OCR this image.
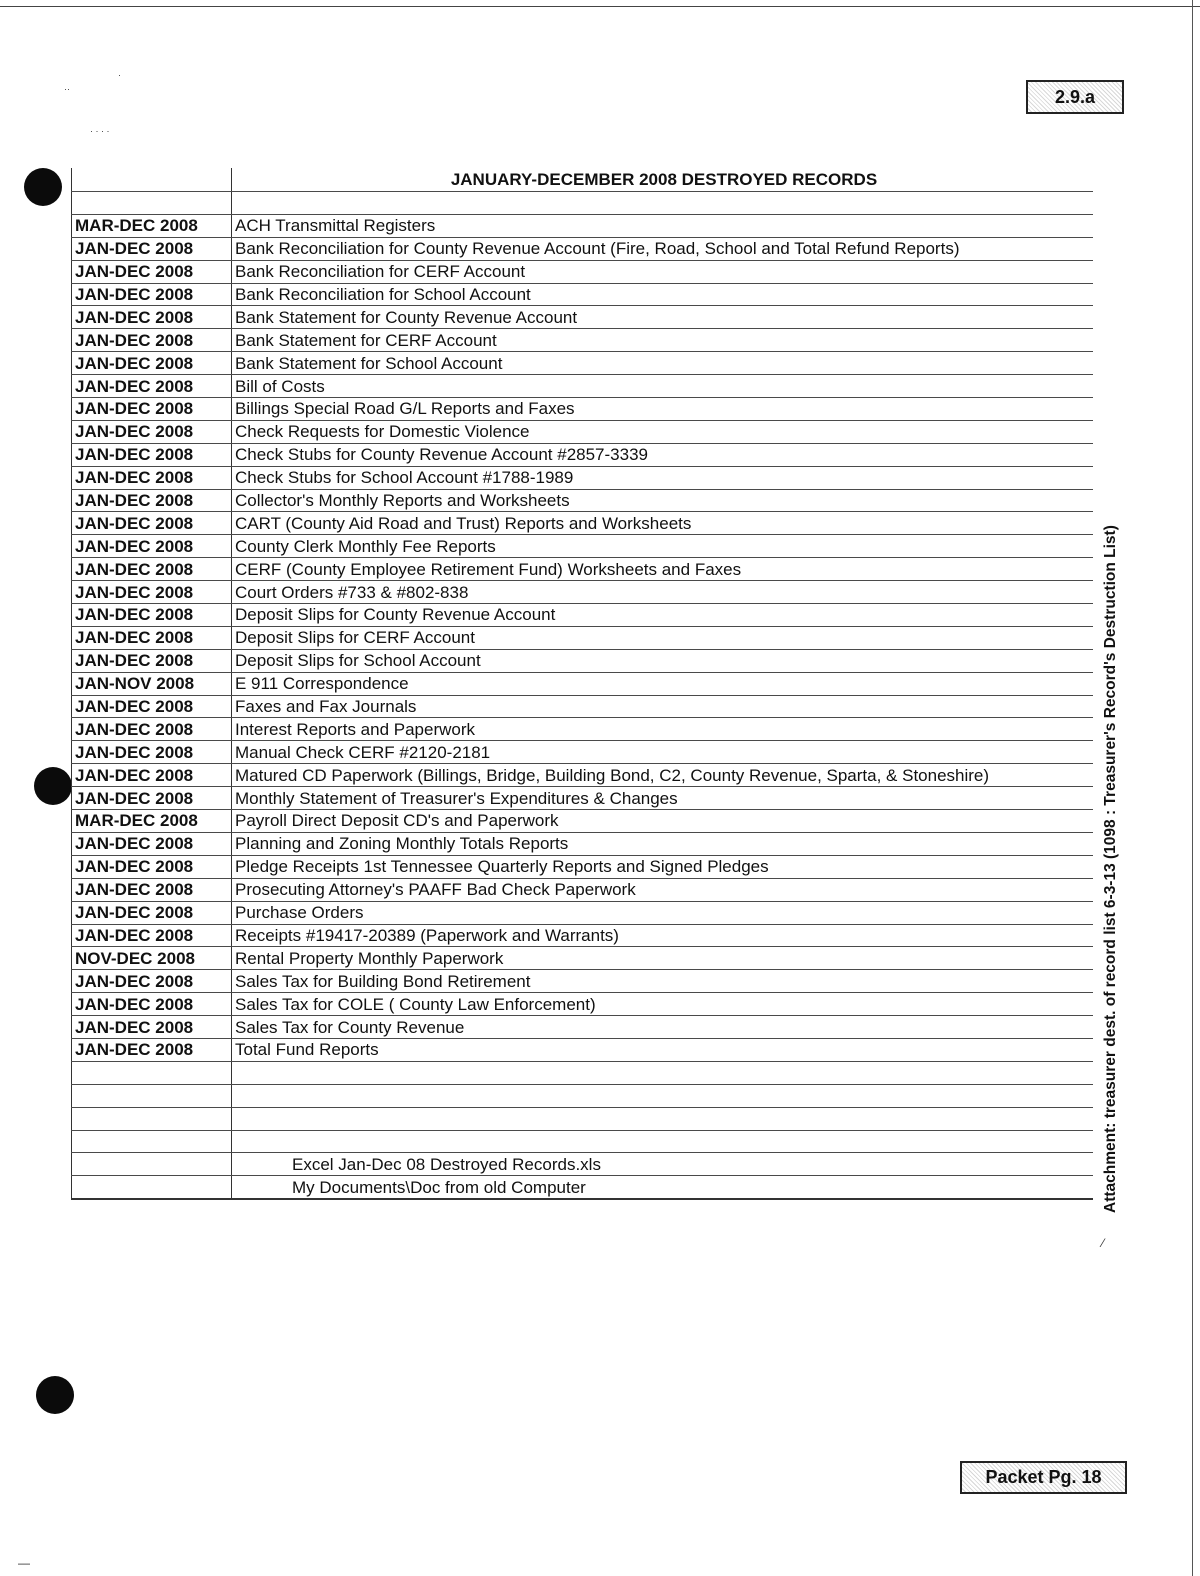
··
·
· · · ·
2.9.a
Attachment: treasurer dest. of record list 6-3-13 (1098 : Treasurer's Record's Destruction List)
	JANUARY-DECEMBER 2008 DESTROYED RECORDS

MAR-DEC 2008	ACH Transmittal Registers
JAN-DEC 2008	Bank Reconciliation for County Revenue Account (Fire, Road, School and Total Refund Reports)
JAN-DEC 2008	Bank Reconciliation for CERF Account
JAN-DEC 2008	Bank Reconciliation for School Account
JAN-DEC 2008	Bank Statement for County Revenue Account
JAN-DEC 2008	Bank Statement for CERF Account
JAN-DEC 2008	Bank Statement for School Account
JAN-DEC 2008	Bill of Costs
JAN-DEC 2008	Billings Special Road G/L Reports and Faxes
JAN-DEC 2008	Check Requests for Domestic Violence
JAN-DEC 2008	Check Stubs for County Revenue Account #2857-3339
JAN-DEC 2008	Check Stubs for School Account #1788-1989
JAN-DEC 2008	Collector's Monthly Reports and Worksheets
JAN-DEC 2008	CART (County Aid Road and Trust) Reports and Worksheets
JAN-DEC 2008	County Clerk Monthly Fee Reports
JAN-DEC 2008	CERF (County Employee Retirement Fund) Worksheets and Faxes
JAN-DEC 2008	Court Orders #733 & #802-838
JAN-DEC 2008	Deposit Slips for County Revenue Account
JAN-DEC 2008	Deposit Slips for CERF Account
JAN-DEC 2008	Deposit Slips for School Account
JAN-NOV 2008	E 911 Correspondence
JAN-DEC 2008	Faxes and Fax Journals
JAN-DEC 2008	Interest Reports and Paperwork
JAN-DEC 2008	Manual Check CERF #2120-2181
JAN-DEC 2008	Matured CD Paperwork (Billings, Bridge, Building Bond, C2, County Revenue, Sparta, & Stoneshire)
JAN-DEC 2008	Monthly Statement of Treasurer's Expenditures & Changes
MAR-DEC 2008	Payroll Direct Deposit CD's and Paperwork
JAN-DEC 2008	Planning and Zoning Monthly Totals Reports
JAN-DEC 2008	Pledge Receipts 1st Tennessee Quarterly Reports and Signed Pledges
JAN-DEC 2008	Prosecuting Attorney's PAAFF Bad Check Paperwork
JAN-DEC 2008	Purchase Orders
JAN-DEC 2008	Receipts #19417-20389 (Paperwork and Warrants)
NOV-DEC 2008	Rental Property Monthly Paperwork
JAN-DEC 2008	Sales Tax for Building Bond Retirement
JAN-DEC 2008	Sales Tax for COLE ( County Law Enforcement)
JAN-DEC 2008	Sales Tax for County Revenue
JAN-DEC 2008	Total Fund Reports

	Excel Jan-Dec 08 Destroyed Records.xls
	My Documents\Doc from old Computer
Packet Pg. 18
⁄
—
